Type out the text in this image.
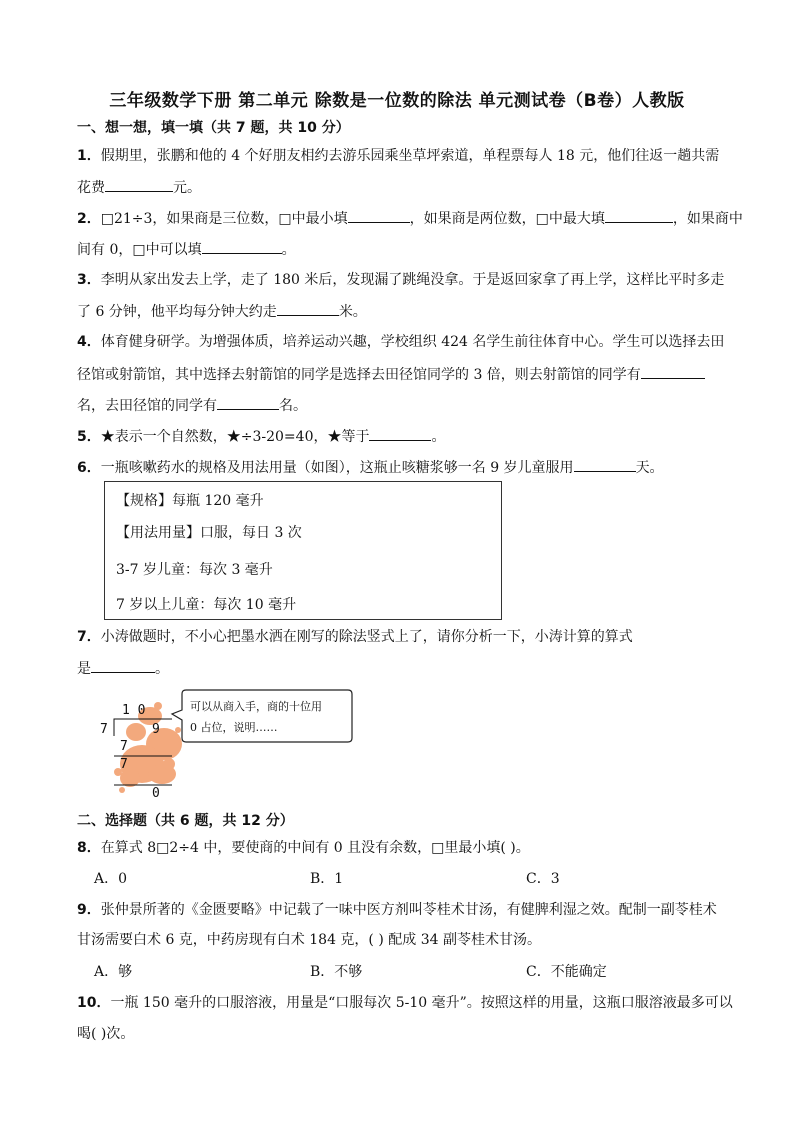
三年级数学下册 第二单元 除数是一位数的除法 单元测试卷（B卷）人教版
一、想一想，填一填（共 7 题，共 10 分）
1．假期里，张鹏和他的 4 个好朋友相约去游乐园乘坐草坪索道，单程票每人 18 元，他们往返一趟共需
花费	元。
2．□21÷3，如果商是三位数，□中最小填	，如果商是两位数，□中最大填	，如果商中
间有 0，□中可以填	。
3．李明从家出发去上学，走了 180 米后，发现漏了跳绳没拿。于是返回家拿了再上学，这样比平时多走
了 6 分钟，他平均每分钟大约走	米。
4．体育健身研学。为增强体质，培养运动兴趣，学校组织 424 名学生前往体育中心。学生可以选择去田
径馆或射箭馆，其中选择去射箭馆的同学是选择去田径馆同学的 3 倍，则去射箭馆的同学有
名，去田径馆的同学有	名。
5．★表示一个自然数，★÷3-20=40，★等于	。
6．一瓶咳嗽药水的规格及用法用量（如图），这瓶止咳糖浆够一名 9 岁儿童服用	天。
【规格】每瓶 120 毫升
【用法用量】口服，每日 3 次
3-7 岁儿童：每次 3 毫升
7 岁以上儿童：每次 10 毫升
7．小涛做题时，不小心把墨水洒在刚写的除法竖式上了，请你分析一下，小涛计算的算式
是	。
1 0
7
7
7
9
0
可以从商入手，商的十位用
0 占位，说明……
二、选择题（共 6 题，共 12 分）
8．在算式 8□2÷4 中，要使商的中间有 0 且没有余数，□里最小填( )。
A．0	B．1	C．3
9．张仲景所著的《金匮要略》中记载了一味中医方剂叫苓桂术甘汤，有健脾利湿之效。配制一副苓桂术
甘汤需要白术 6 克，中药房现有白术 184 克，( ) 配成 34 副苓桂术甘汤。
A．够	B．不够	C．不能确定
10．一瓶 150 毫升的口服溶液，用量是“口服每次 5-10 毫升”。按照这样的用量，这瓶口服溶液最多可以
喝( )次。
